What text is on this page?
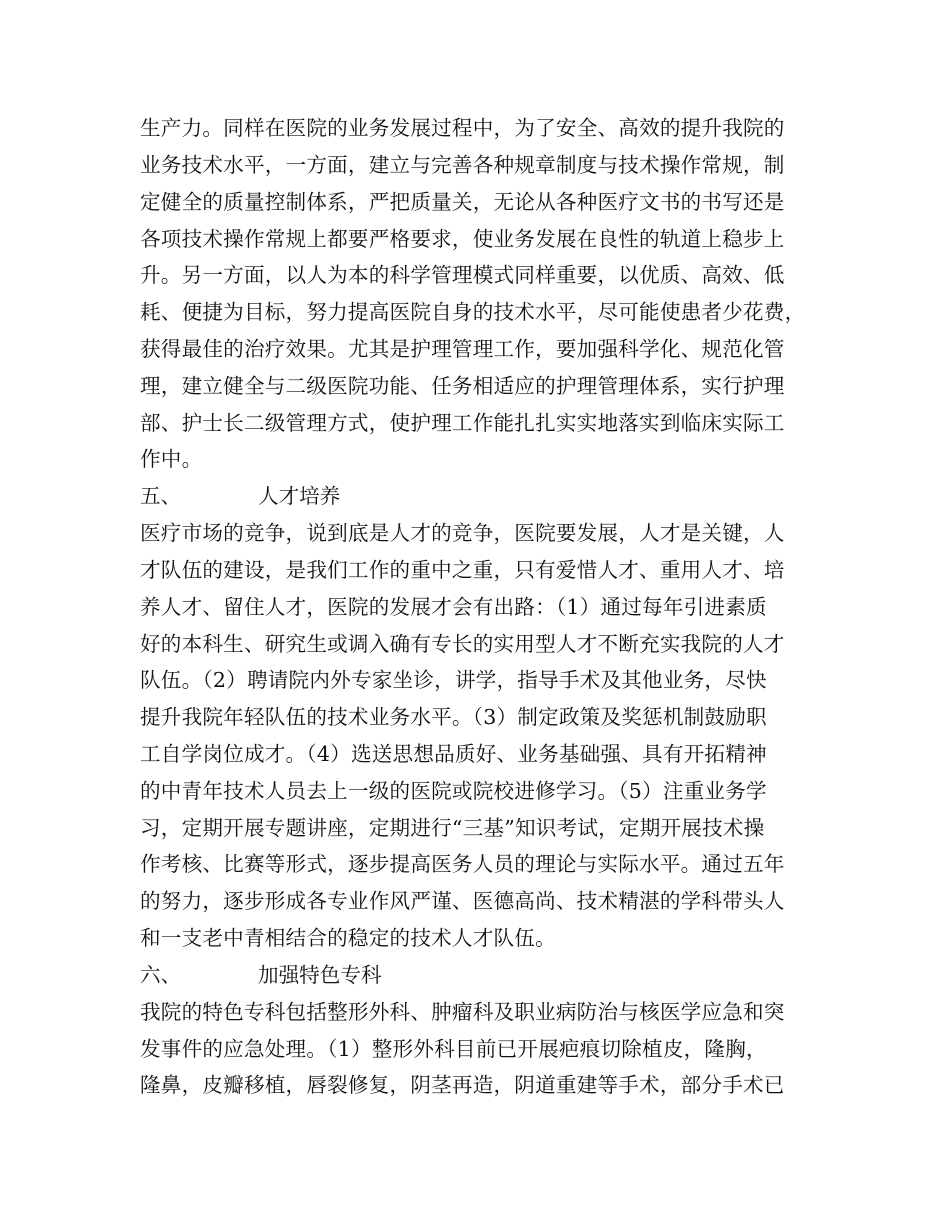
生产力。同样在医院的业务发展过程中，为了安全、高效的提升我院的
业务技术水平，一方面，建立与完善各种规章制度与技术操作常规，制
定健全的质量控制体系，严把质量关，无论从各种医疗文书的书写还是
各项技术操作常规上都要严格要求，使业务发展在良性的轨道上稳步上
升。另一方面，以人为本的科学管理模式同样重要，以优质、高效、低
耗、便捷为目标，努力提高医院自身的技术水平，尽可能使患者少花费，
获得最佳的治疗效果。尤其是护理管理工作，要加强科学化、规范化管
理，建立健全与二级医院功能、任务相适应的护理管理体系，实行护理
部、护士长二级管理方式，使护理工作能扎扎实实地落实到临床实际工
作中。
五、	人才培养
医疗市场的竞争，说到底是人才的竞争，医院要发展，人才是关键，人
才队伍的建设，是我们工作的重中之重，只有爱惜人才、重用人才、培
养人才、留住人才，医院的发展才会有出路：（1）通过每年引进素质
好的本科生、研究生或调入确有专长的实用型人才不断充实我院的人才
队伍。（2）聘请院内外专家坐诊，讲学，指导手术及其他业务，尽快
提升我院年轻队伍的技术业务水平。（3）制定政策及奖惩机制鼓励职
工自学岗位成才。（4）选送思想品质好、业务基础强、具有开拓精神
的中青年技术人员去上一级的医院或院校进修学习。（5）注重业务学
习，定期开展专题讲座，定期进行“三基”知识考试，定期开展技术操
作考核、比赛等形式，逐步提高医务人员的理论与实际水平。通过五年
的努力，逐步形成各专业作风严谨、医德高尚、技术精湛的学科带头人
和一支老中青相结合的稳定的技术人才队伍。
六、	加强特色专科
我院的特色专科包括整形外科、肿瘤科及职业病防治与核医学应急和突
发事件的应急处理。（1）整形外科目前已开展疤痕切除植皮，隆胸，
隆鼻，皮瓣移植，唇裂修复，阴茎再造，阴道重建等手术，部分手术已
